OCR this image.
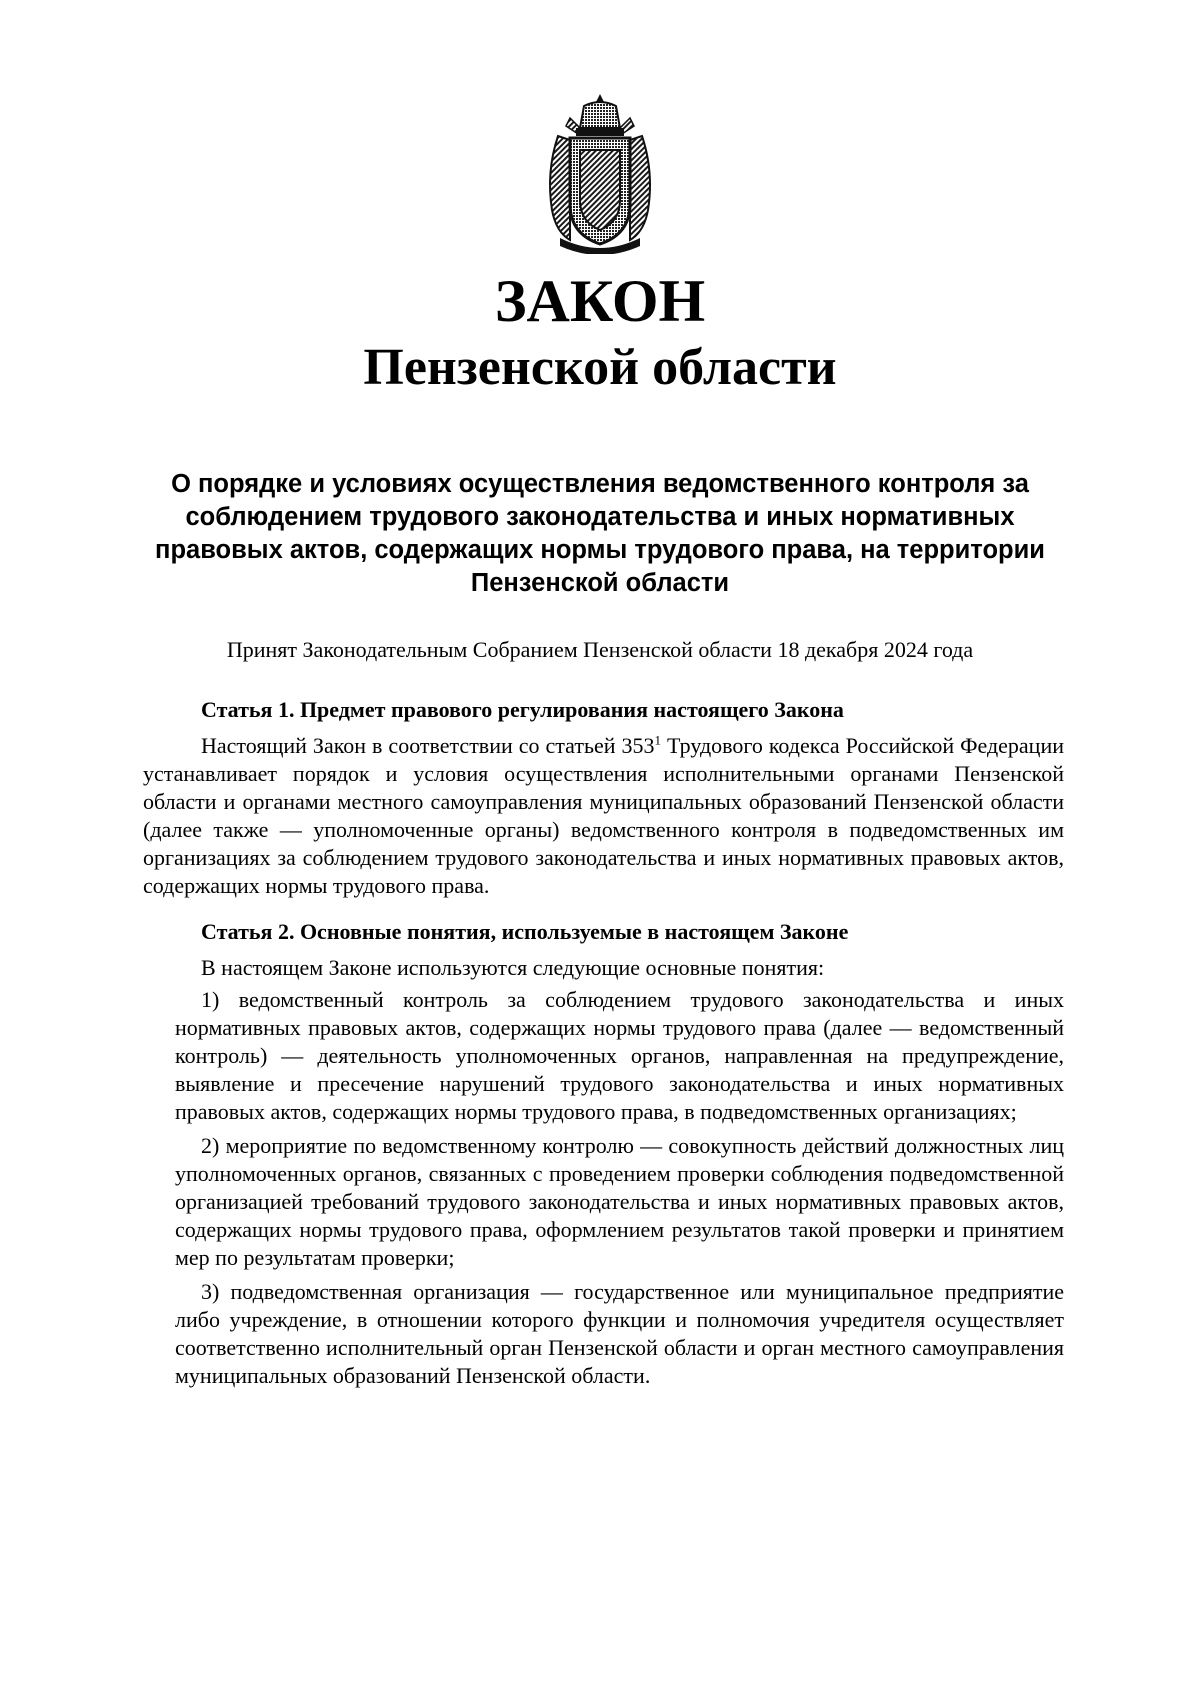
ЗАКОН
Пензенской области

О порядке и условиях осуществления ведомственного контроля за соблюдением трудового законодательства и иных нормативных правовых актов, содержащих нормы трудового права, на территории Пензенской области

Принят Законодательным Собранием Пензенской области 18 декабря 2024 года

Статья 1. Предмет правового регулирования настоящего Закона

Настоящий Закон в соответствии со статьей $353^1$ Трудового кодекса Российской Федерации устанавливает порядок и условия осуществления исполнительными органами Пензенской области и органами местного самоуправления муниципальных образований Пензенской области (далее также — уполномоченные органы) ведомственного контроля в подведомственных им организациях за соблюдением трудового законодательства и иных нормативных правовых актов, содержащих нормы трудового права.

Статья 2. Основные понятия, используемые в настоящем Законе

В настоящем Законе используются следующие основные понятия:

1) ведомственный контроль за соблюдением трудового законодательства и иных нормативных правовых актов, содержащих нормы трудового права (далее — ведомственный контроль) — деятельность уполномоченных органов, направленная на предупреждение, выявление и пресечение нарушений трудового законодательства и иных нормативных правовых актов, содержащих нормы трудового права, в подведомственных организациях;

2) мероприятие по ведомственному контролю — совокупность действий должностных лиц уполномоченных органов, связанных с проведением проверки соблюдения подведомственной организацией требований трудового законодательства и иных нормативных правовых актов, содержащих нормы трудового права, оформлением результатов такой проверки и принятием мер по результатам проверки;

3) подведомственная организация — государственное или муниципальное предприятие либо учреждение, в отношении которого функции и полномочия учредителя осуществляет соответственно исполнительный орган Пензенской области и орган местного самоуправления муниципальных образований Пензенской области.
